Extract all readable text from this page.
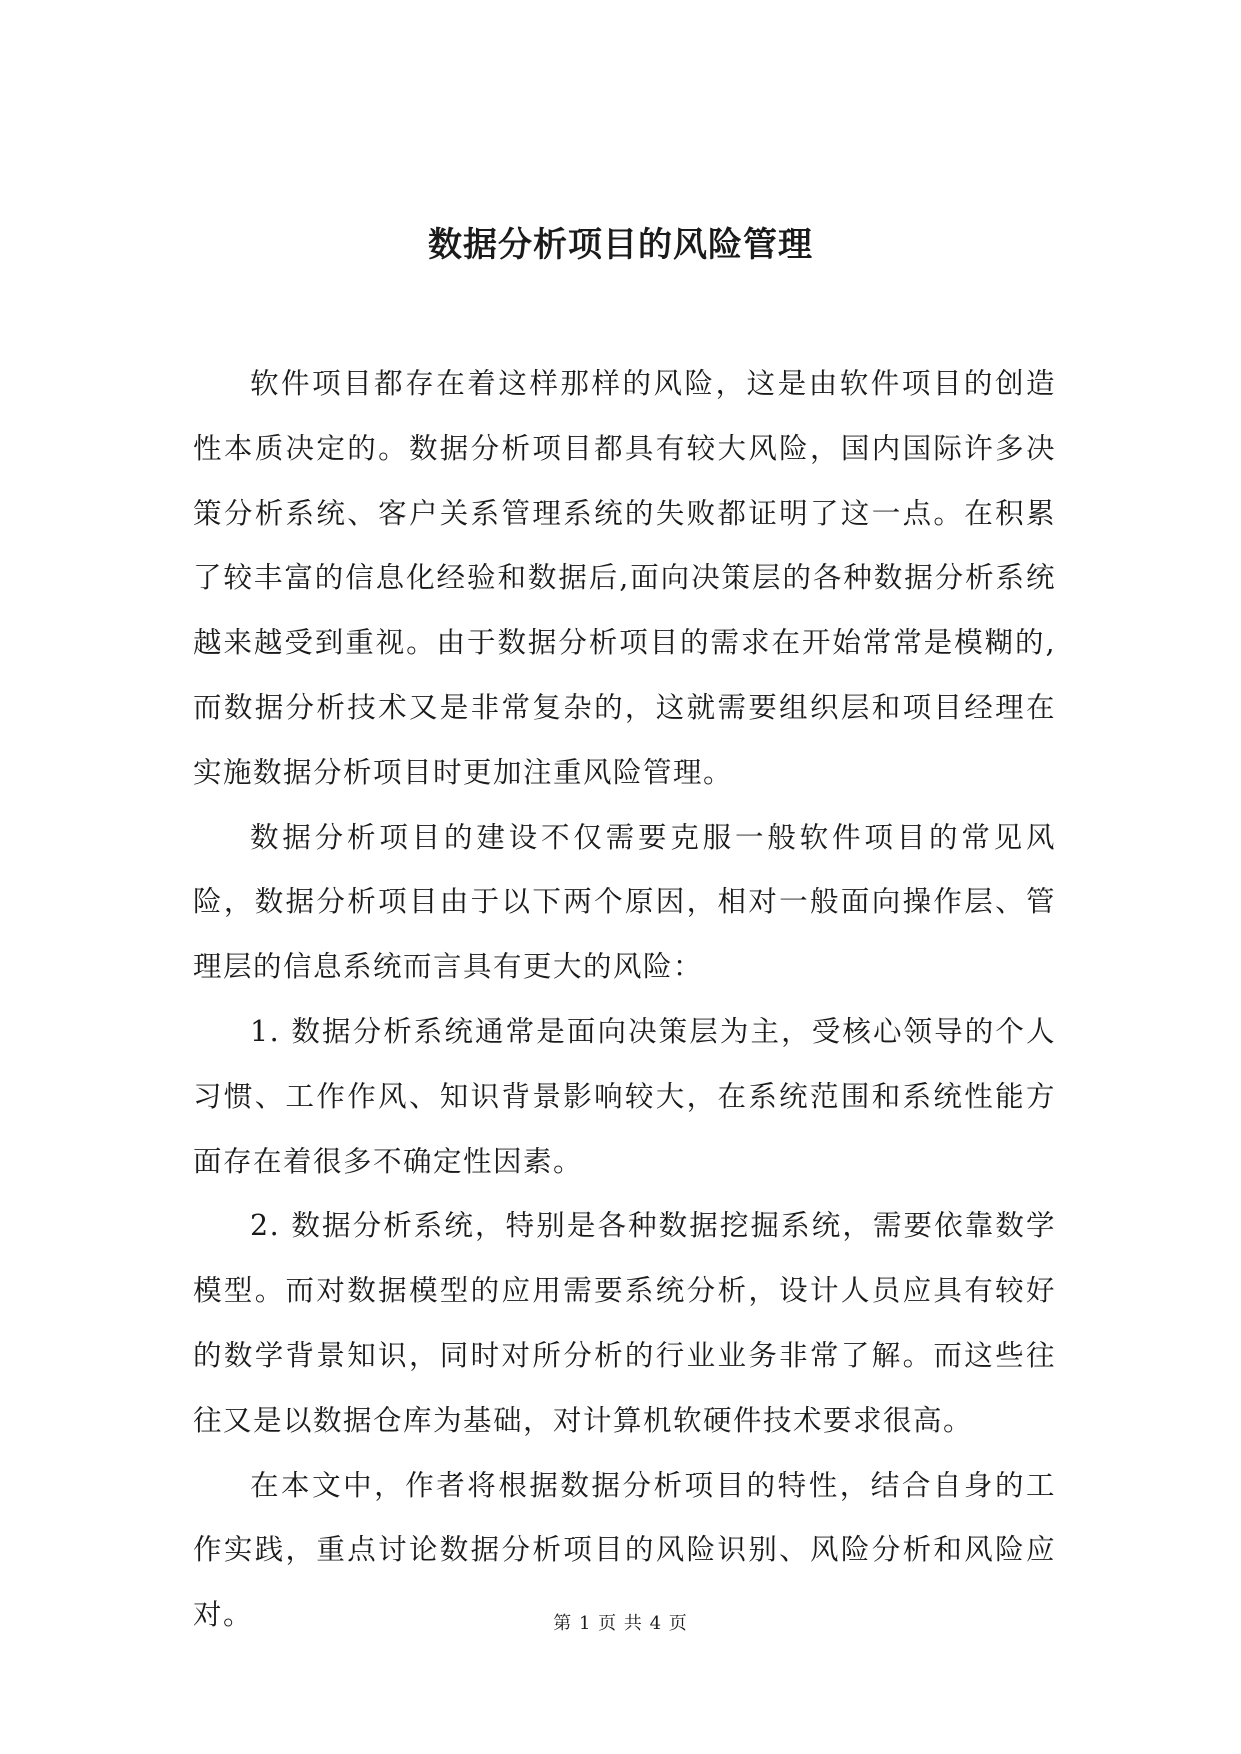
数据分析项目的风险管理

软件项目都存在着这样那样的风险，这是由软件项目的创造性本质决定的。数据分析项目都具有较大风险，国内国际许多决策分析系统、客户关系管理系统的失败都证明了这一点。在积累了较丰富的信息化经验和数据后,面向决策层的各种数据分析系统越来越受到重视。由于数据分析项目的需求在开始常常是模糊的,而数据分析技术又是非常复杂的，这就需要组织层和项目经理在实施数据分析项目时更加注重风险管理。

数据分析项目的建设不仅需要克服一般软件项目的常见风险，数据分析项目由于以下两个原因，相对一般面向操作层、管理层的信息系统而言具有更大的风险：

1. 数据分析系统通常是面向决策层为主，受核心领导的个人习惯、工作作风、知识背景影响较大，在系统范围和系统性能方面存在着很多不确定性因素。

2. 数据分析系统，特别是各种数据挖掘系统，需要依靠数学模型。而对数据模型的应用需要系统分析，设计人员应具有较好的数学背景知识，同时对所分析的行业业务非常了解。而这些往往又是以数据仓库为基础，对计算机软硬件技术要求很高。

在本文中，作者将根据数据分析项目的特性，结合自身的工作实践，重点讨论数据分析项目的风险识别、风险分析和风险应对。	第 1 页 共 4 页
